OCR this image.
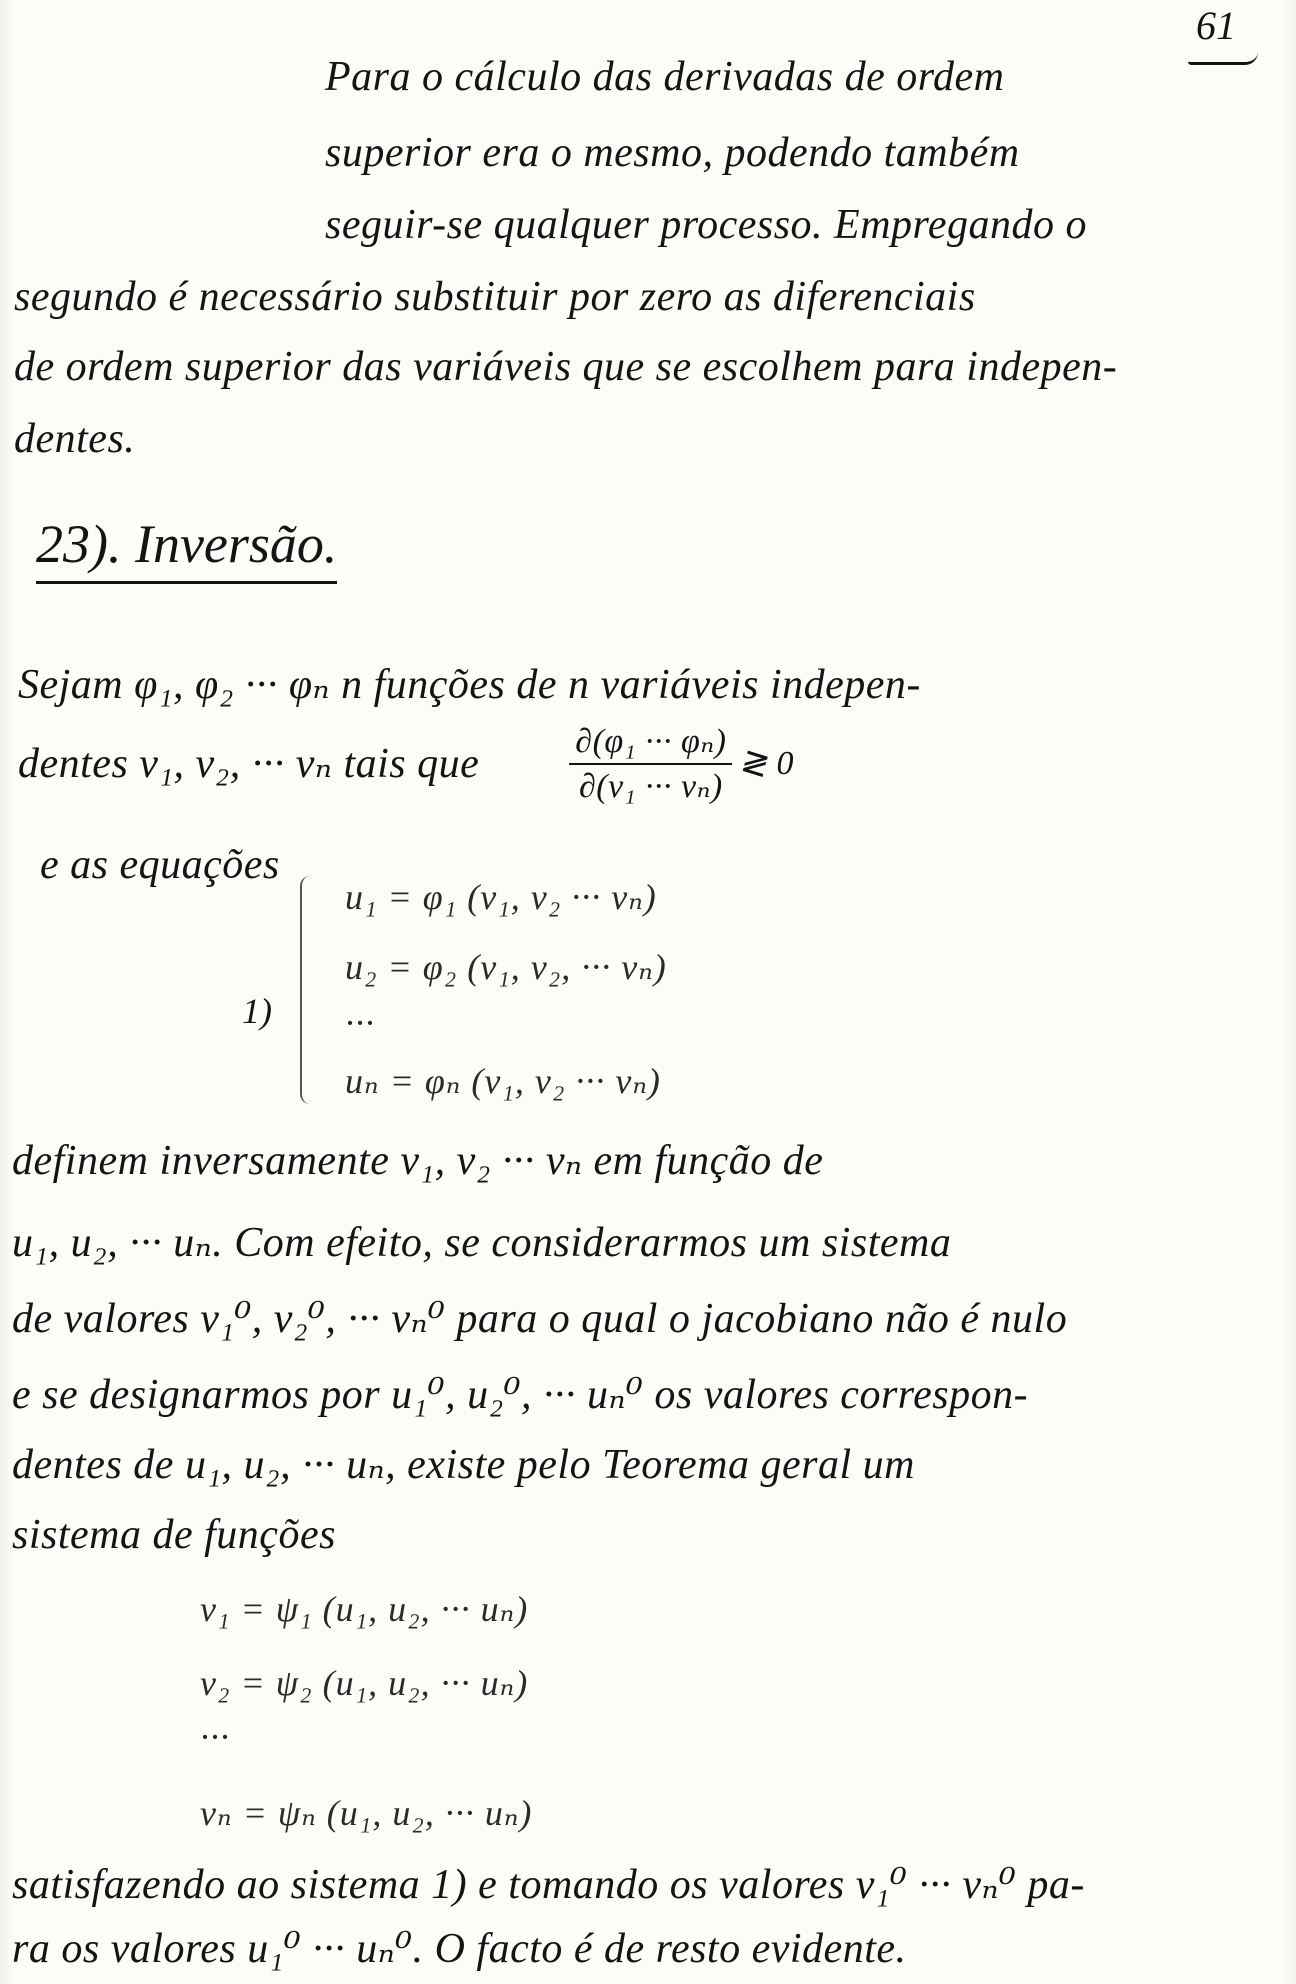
61
Para o cálculo das derivadas de ordem
superior era o mesmo, podendo também
seguir-se qualquer processo. Empregando o
segundo é necessário substituir por zero as diferenciais
de ordem superior das variáveis que se escolhem para indepen-
dentes.
23). Inversão.
Sejam φ₁, φ₂ ··· φₙ n funções de n variáveis indepen-
dentes v₁, v₂, ··· vₙ tais que	$\frac{\text{∂(φ₁ ··· φₙ)}}{\text{∂(v₁ ··· vₙ)}}$ ≷ 0
e as equações
1)
u₁ = φ₁ (v₁, v₂ ··· vₙ)
u₂ = φ₂ (v₁, v₂, ··· vₙ)
···
uₙ = φₙ (v₁, v₂ ··· vₙ)
definem inversamente v₁, v₂ ··· vₙ em função de
u₁, u₂, ··· uₙ. Com efeito, se considerarmos um sistema
de valores v₁⁰, v₂⁰, ··· vₙ⁰ para o qual o jacobiano não é nulo
e se designarmos por u₁⁰, u₂⁰, ··· uₙ⁰ os valores correspon-
dentes de u₁, u₂, ··· uₙ, existe pelo Teorema geral um
sistema de funções
v₁ = ψ₁ (u₁, u₂, ··· uₙ)
v₂ = ψ₂ (u₁, u₂, ··· uₙ)
···
vₙ = ψₙ (u₁, u₂, ··· uₙ)
satisfazendo ao sistema 1) e tomando os valores v₁⁰ ··· vₙ⁰ pa-
ra os valores u₁⁰ ··· uₙ⁰. O facto é de resto evidente.
